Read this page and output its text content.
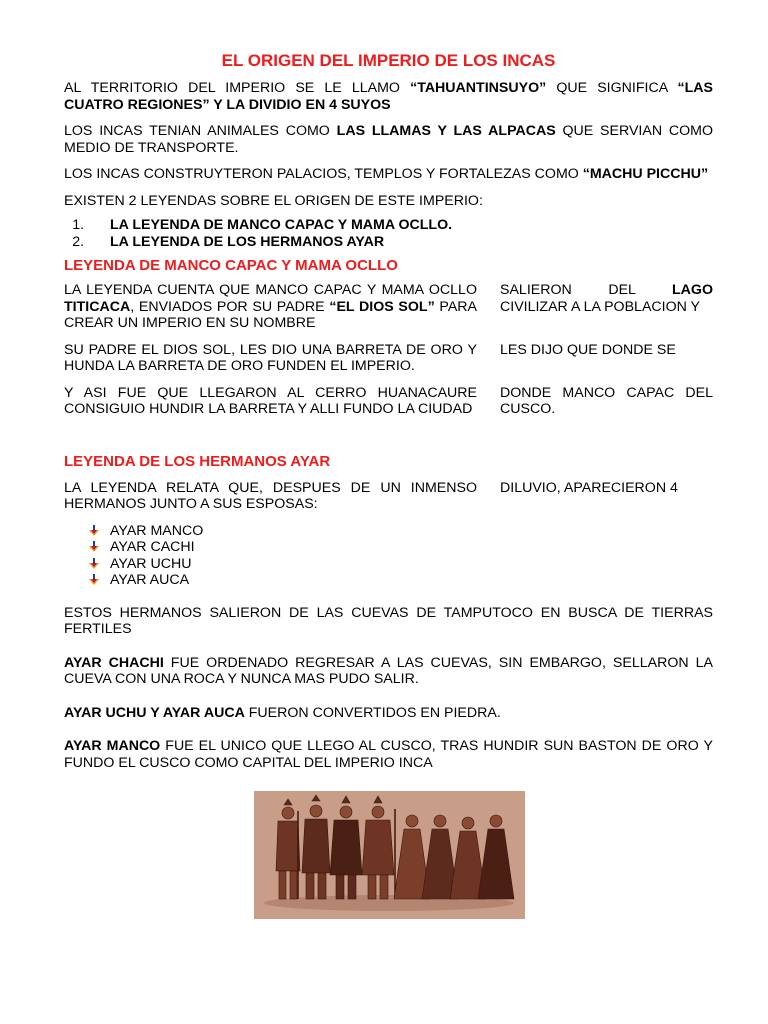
EL ORIGEN DEL IMPERIO DE LOS INCAS

AL TERRITORIO DEL IMPERIO SE LE LLAMO “TAHUANTINSUYO” QUE SIGNIFICA “LAS CUATRO REGIONES” Y LA DIVIDIO EN 4 SUYOS

LOS INCAS TENIAN ANIMALES COMO LAS LLAMAS Y LAS ALPACAS QUE SERVIAN COMO MEDIO DE TRANSPORTE.

LOS INCAS CONSTRUYTERON PALACIOS, TEMPLOS Y FORTALEZAS COMO “MACHU PICCHU”

EXISTEN 2 LEYENDAS SOBRE EL ORIGEN DE ESTE IMPERIO:

1. LA LEYENDA DE MANCO CAPAC Y MAMA OCLLO.
2. LA LEYENDA DE LOS HERMANOS AYAR
LEYENDA DE MANCO CAPAC Y MAMA OCLLO

LA LEYENDA CUENTA QUE MANCO CAPAC Y MAMA OCLLO TITICACA, ENVIADOS POR SU PADRE “EL DIOS SOL” PARA CREAR UN IMPERIO EN SU NOMBRE

SALIERON DEL LAGO CIVILIZAR A LA POBLACION Y

SU PADRE EL DIOS SOL, LES DIO UNA BARRETA DE ORO Y HUNDA LA BARRETA DE ORO FUNDEN EL IMPERIO.

LES DIJO QUE DONDE SE

Y ASI FUE QUE LLEGARON AL CERRO HUANACAURE CONSIGUIO HUNDIR LA BARRETA Y ALLI FUNDO LA CIUDAD

DONDE MANCO CAPAC DEL CUSCO.

LEYENDA DE LOS HERMANOS AYAR

LA LEYENDA RELATA QUE, DESPUES DE UN INMENSO HERMANOS JUNTO A SUS ESPOSAS:

DILUVIO, APARECIERON 4

AYAR MANCO
AYAR CACHI
AYAR UCHU
AYAR AUCA

ESTOS HERMANOS SALIERON DE LAS CUEVAS DE TAMPUTOCO EN BUSCA DE TIERRAS FERTILES

AYAR CHACHI FUE ORDENADO REGRESAR A LAS CUEVAS, SIN EMBARGO, SELLARON LA CUEVA CON UNA ROCA Y NUNCA MAS PUDO SALIR.

AYAR UCHU Y AYAR AUCA FUERON CONVERTIDOS EN PIEDRA.

AYAR MANCO FUE EL UNICO QUE LLEGO AL CUSCO, TRAS HUNDIR SUN BASTON DE ORO Y FUNDO EL CUSCO COMO CAPITAL DEL IMPERIO INCA
